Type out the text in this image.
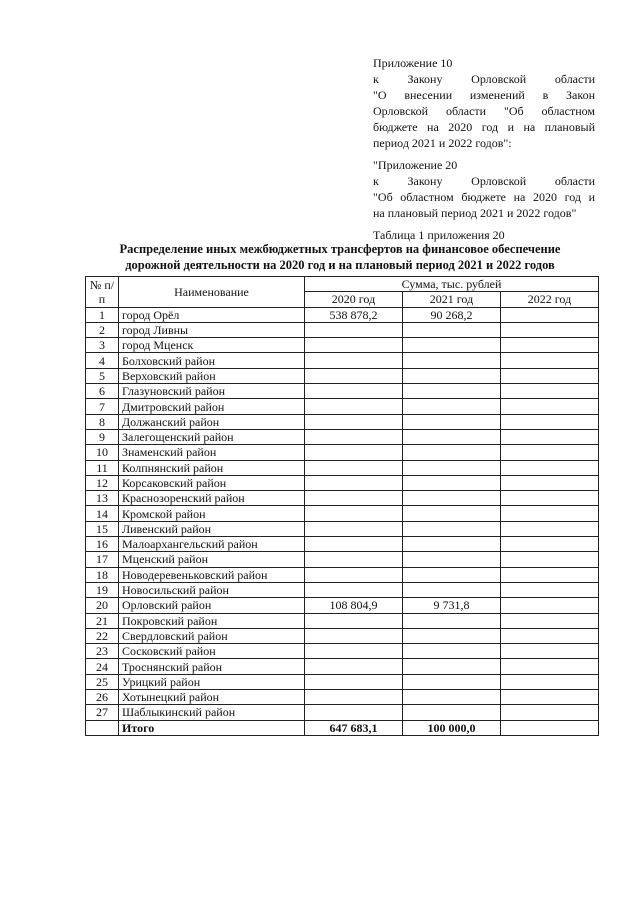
Приложение 10
к Закону Орловской области
"О внесении изменений в Закон
Орловской области "Об областном
бюджете на 2020 год и на плановый
период 2021 и 2022 годов":
"Приложение 20
к Закону Орловской области
"Об областном бюджете на 2020 год и
на плановый период 2021 и 2022 годов"
Таблица 1 приложения 20
Распределение иных межбюджетных трансфертов на финансовое обеспечение
дорожной деятельности на 2020 год и на плановый период 2021 и 2022 годов
№ п/п	Наименование	Сумма, тыс. рублей		
		2020 год	2021 год	2022 год
1	город Орёл	538 878,2	90 268,2	
2	город Ливны			
3	город Мценск			
4	Болховский район			
5	Верховский район			
6	Глазуновский район			
7	Дмитровский район			
8	Должанский район			
9	Залегощенский район			
10	Знаменский район			
11	Колпнянский район			
12	Корсаковский район			
13	Краснозоренский район			
14	Кромской район			
15	Ливенский район			
16	Малоархангельский район			
17	Мценский район			
18	Новодеревеньковский район			
19	Новосильский район			
20	Орловский район	108 804,9	9 731,8	
21	Покровский район			
22	Свердловский район			
23	Сосковский район			
24	Троснянский район			
25	Урицкий район			
26	Хотынецкий район			
27	Шаблыкинский район			
	Итого	647 683,1	100 000,0	
